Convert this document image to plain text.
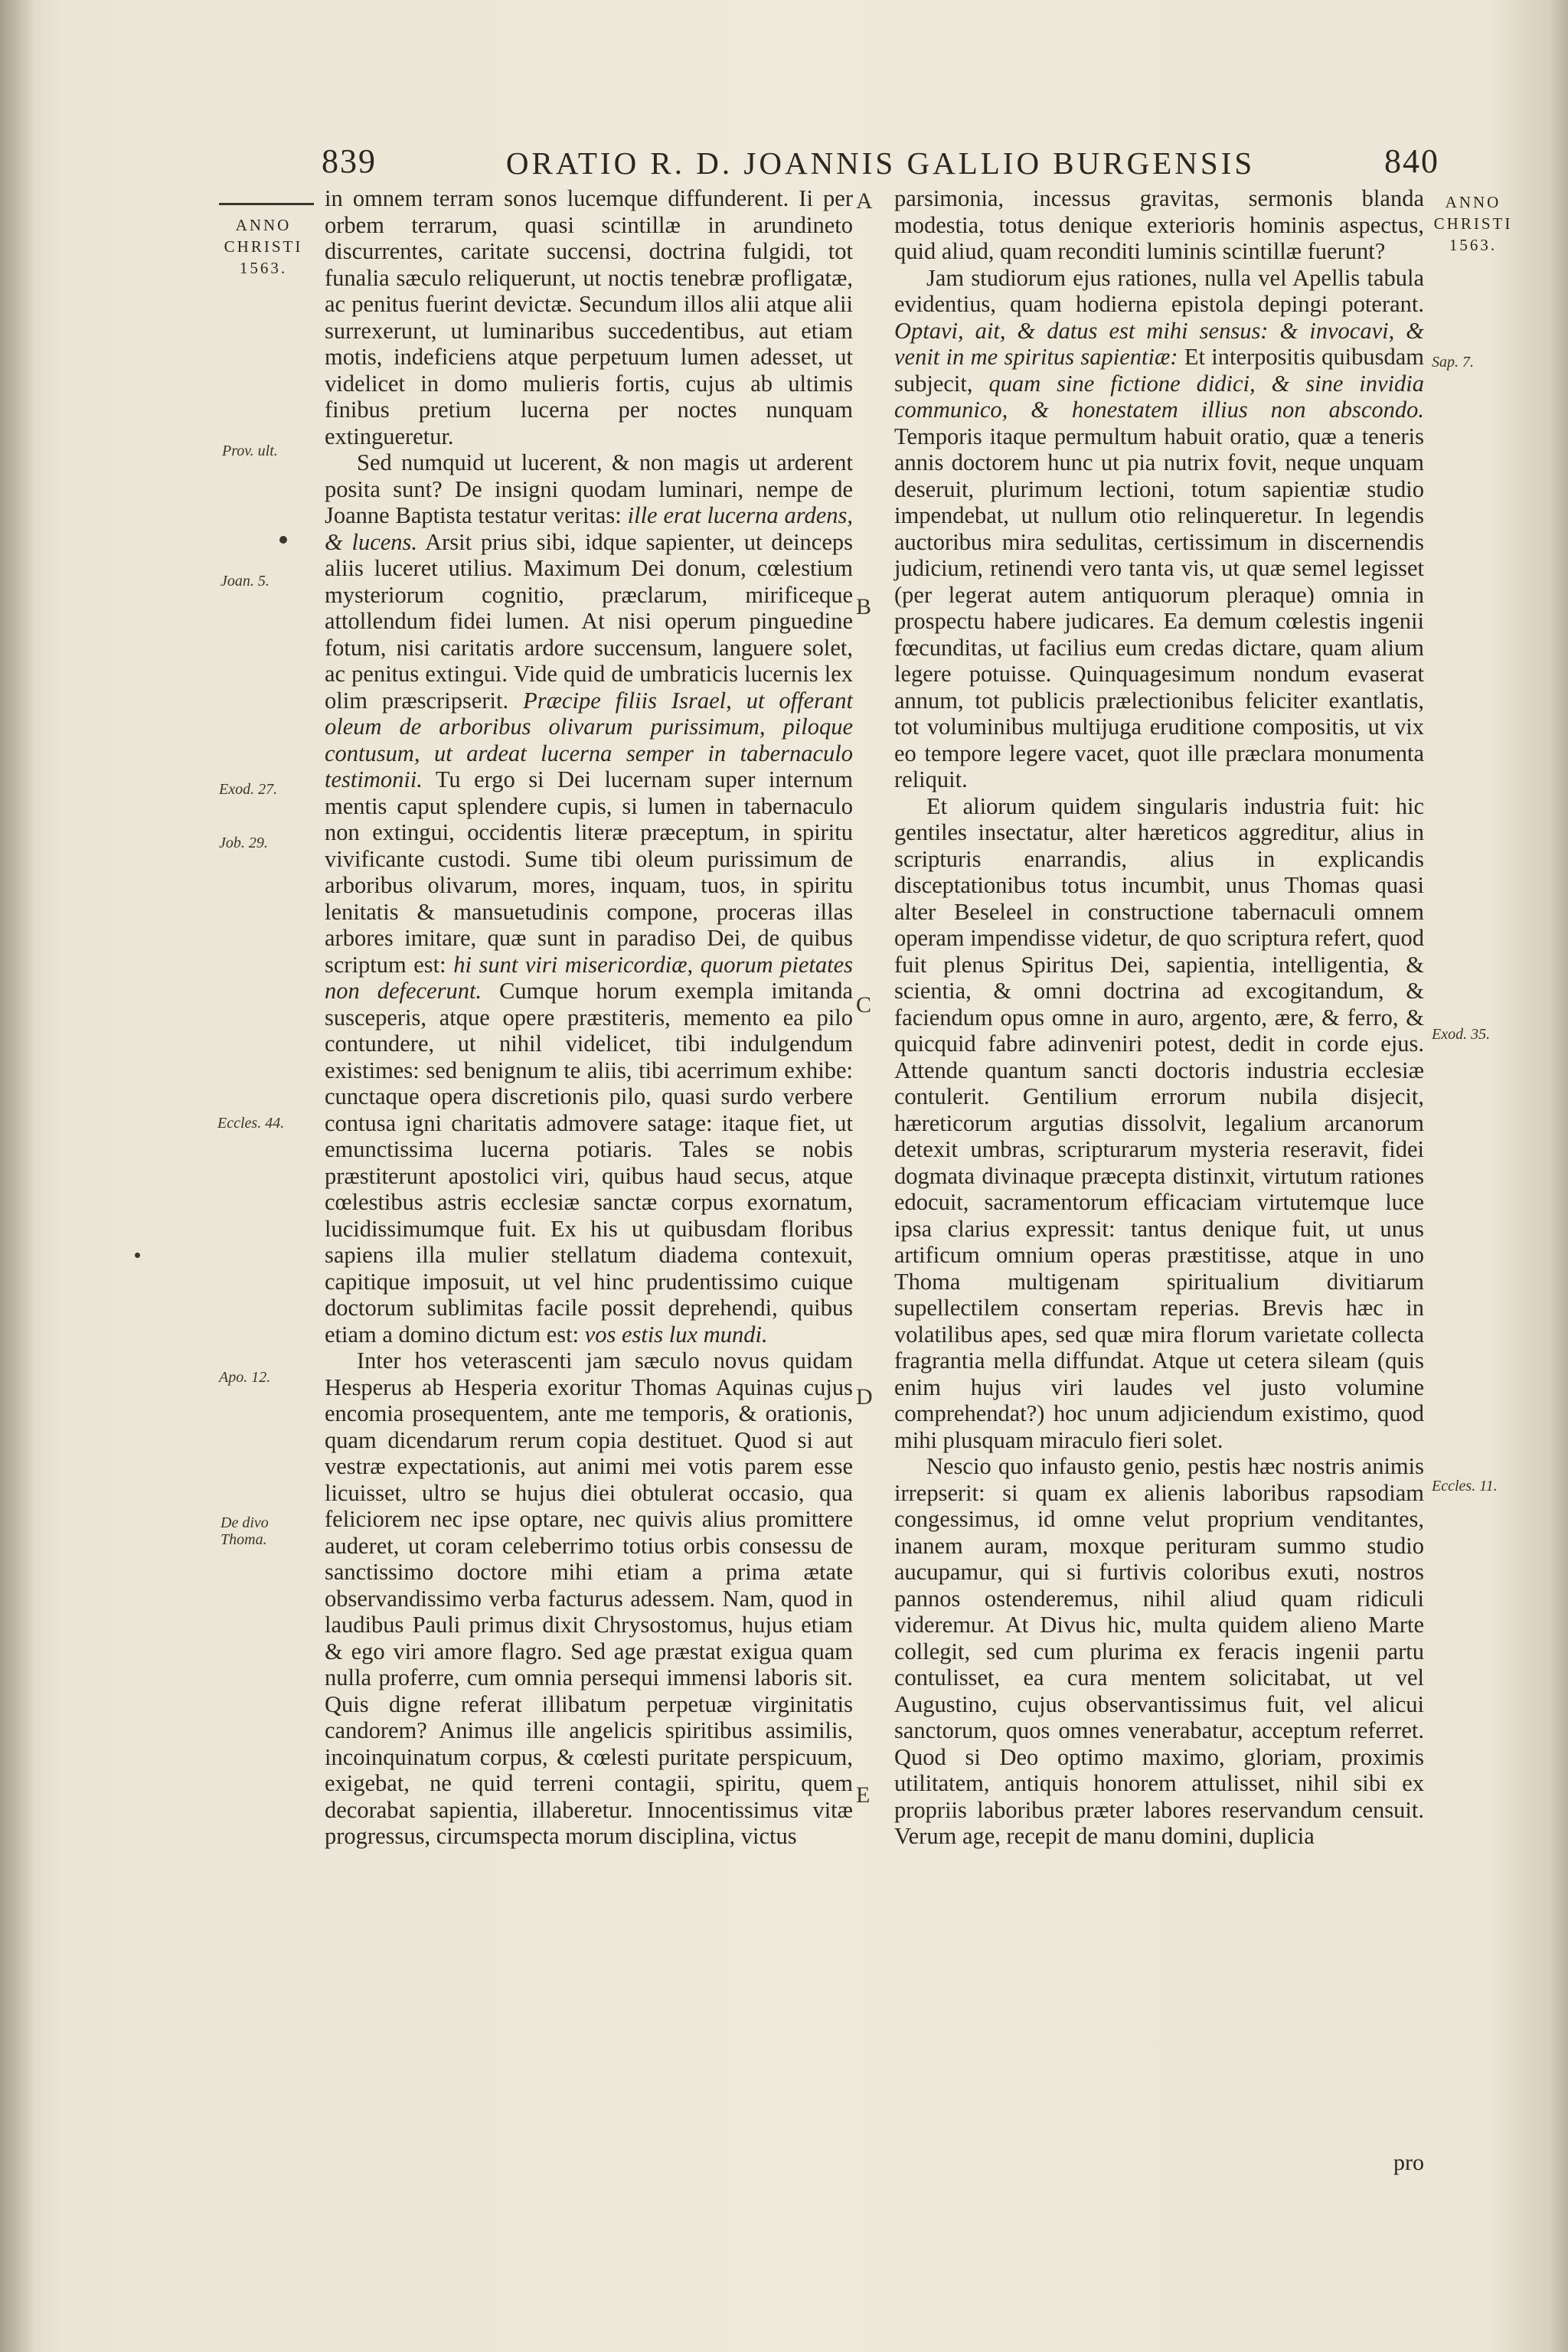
839	ORATIO R. D. JOANNIS GALLIO BURGENSIS	840
ANNO
CHRISTI
1563.
Prov. ult.
Joan. 5.
Exod. 27.
Job. 29.
Eccles. 44.
Apo. 12.
De divo Thoma.
A
B
C
D
E
ANNO
CHRISTI
1563.
Sap. 7.
Exod. 35.
Eccles. 11.

in omnem terram sonos lucemque diffunderent. Ii per orbem terrarum, quasi scintillæ in arundineto discurrentes, caritate succensi, doctrina fulgidi, tot funalia sæculo reliquerunt, ut noctis tenebræ profligatæ, ac penitus fuerint devictæ. Secundum illos alii atque alii surrexerunt, ut luminaribus succedentibus, aut etiam motis, indeficiens atque perpetuum lumen adesset, ut videlicet in domo mulieris fortis, cujus ab ultimis finibus pretium lucerna per noctes nunquam extingueretur.

Sed numquid ut lucerent, & non magis ut arderent posita sunt? De insigni quodam luminari, nempe de Joanne Baptista testatur veritas: ille erat lucerna ardens, & lucens. Arsit prius sibi, idque sapienter, ut deinceps aliis luceret utilius. Maximum Dei donum, cœlestium mysteriorum cognitio, præclarum, mirificeque attollendum fidei lumen. At nisi operum pinguedine fotum, nisi caritatis ardore succensum, languere solet, ac penitus extingui. Vide quid de umbraticis lucernis lex olim præscripserit. Præcipe filiis Israel, ut offerant oleum de arboribus olivarum purissimum, piloque contusum, ut ardeat lucerna semper in tabernaculo testimonii. Tu ergo si Dei lucernam super internum mentis caput splendere cupis, si lumen in tabernaculo non extingui, occidentis literæ præceptum, in spiritu vivificante custodi. Sume tibi oleum purissimum de arboribus olivarum, mores, inquam, tuos, in spiritu lenitatis & mansuetudinis compone, proceras illas arbores imitare, quæ sunt in paradiso Dei, de quibus scriptum est: hi sunt viri misericordiæ, quorum pietates non defecerunt. Cumque horum exempla imitanda susceperis, atque opere præstiteris, memento ea pilo contundere, ut nihil videlicet, tibi indulgendum existimes: sed benignum te aliis, tibi acerrimum exhibe: cunctaque opera discretionis pilo, quasi surdo verbere contusa igni charitatis admovere satage: itaque fiet, ut emunctissima lucerna potiaris. Tales se nobis præstiterunt apostolici viri, quibus haud secus, atque cœlestibus astris ecclesiæ sanctæ corpus exornatum, lucidissimumque fuit. Ex his ut quibusdam floribus sapiens illa mulier stellatum diadema contexuit, capitique imposuit, ut vel hinc prudentissimo cuique doctorum sublimitas facile possit deprehendi, quibus etiam a domino dictum est: vos estis lux mundi.

Inter hos veterascenti jam sæculo novus quidam Hesperus ab Hesperia exoritur Thomas Aquinas cujus encomia prosequentem, ante me temporis, & orationis, quam dicendarum rerum copia destituet. Quod si aut vestræ expectationis, aut animi mei votis parem esse licuisset, ultro se hujus diei obtulerat occasio, qua feliciorem nec ipse optare, nec quivis alius promittere auderet, ut coram celeberrimo totius orbis consessu de sanctissimo doctore mihi etiam a prima ætate observandissimo verba facturus adessem. Nam, quod in laudibus Pauli primus dixit Chrysostomus, hujus etiam & ego viri amore flagro. Sed age præstat exigua quam nulla proferre, cum omnia persequi immensi laboris sit. Quis digne referat illibatum perpetuæ virginitatis candorem? Animus ille angelicis spiritibus assimilis, incoinquinatum corpus, & cœlesti puritate perspicuum, exigebat, ne quid terreni contagii, spiritu, quem decorabat sapientia, illaberetur. Innocentissimus vitæ progressus, circumspecta morum disciplina, victus

parsimonia, incessus gravitas, sermonis blanda modestia, totus denique exterioris hominis aspectus, quid aliud, quam reconditi luminis scintillæ fuerunt?

Jam studiorum ejus rationes, nulla vel Apellis tabula evidentius, quam hodierna epistola depingi poterant. Optavi, ait, & datus est mihi sensus: & invocavi, & venit in me spiritus sapientiæ: Et interpositis quibusdam subjecit, quam sine fictione didici, & sine invidia communico, & honestatem illius non abscondo. Temporis itaque permultum habuit oratio, quæ a teneris annis doctorem hunc ut pia nutrix fovit, neque unquam deseruit, plurimum lectioni, totum sapientiæ studio impendebat, ut nullum otio relinqueretur. In legendis auctoribus mira sedulitas, certissimum in discernendis judicium, retinendi vero tanta vis, ut quæ semel legisset (per legerat autem antiquorum pleraque) omnia in prospectu habere judicares. Ea demum cœlestis ingenii fœcunditas, ut facilius eum credas dictare, quam alium legere potuisse. Quinquagesimum nondum evaserat annum, tot publicis prælectionibus feliciter exantlatis, tot voluminibus multijuga eruditione compositis, ut vix eo tempore legere vacet, quot ille præclara monumenta reliquit.

Et aliorum quidem singularis industria fuit: hic gentiles insectatur, alter hæreticos aggreditur, alius in scripturis enarrandis, alius in explicandis disceptationibus totus incumbit, unus Thomas quasi alter Beseleel in constructione tabernaculi omnem operam impendisse videtur, de quo scriptura refert, quod fuit plenus Spiritus Dei, sapientia, intelligentia, & scientia, & omni doctrina ad excogitandum, & faciendum opus omne in auro, argento, ære, & ferro, & quicquid fabre adinveniri potest, dedit in corde ejus. Attende quantum sancti doctoris industria ecclesiæ contulerit. Gentilium errorum nubila disjecit, hæreticorum argutias dissolvit, legalium arcanorum detexit umbras, scripturarum mysteria reseravit, fidei dogmata divinaque præcepta distinxit, virtutum rationes edocuit, sacramentorum efficaciam virtutemque luce ipsa clarius expressit: tantus denique fuit, ut unus artificum omnium operas præstitisse, atque in uno Thoma multigenam spiritualium divitiarum supellectilem consertam reperias. Brevis hæc in volatilibus apes, sed quæ mira florum varietate collecta fragrantia mella diffundat. Atque ut cetera sileam (quis enim hujus viri laudes vel justo volumine comprehendat?) hoc unum adjiciendum existimo, quod mihi plusquam miraculo fieri solet.

Nescio quo infausto genio, pestis hæc nostris animis irrepserit: si quam ex alienis laboribus rapsodiam congessimus, id omne velut proprium venditantes, inanem auram, moxque perituram summo studio aucupamur, qui si furtivis coloribus exuti, nostros pannos ostenderemus, nihil aliud quam ridiculi videremur. At Divus hic, multa quidem alieno Marte collegit, sed cum plurima ex feracis ingenii partu contulisset, ea cura mentem solicitabat, ut vel Augustino, cujus observantissimus fuit, vel alicui sanctorum, quos omnes venerabatur, acceptum referret. Quod si Deo optimo maximo, gloriam, proximis utilitatem, antiquis honorem attulisset, nihil sibi ex propriis laboribus præter labores reservandum censuit. Verum age, recepit de manu domini, duplicia

pro
